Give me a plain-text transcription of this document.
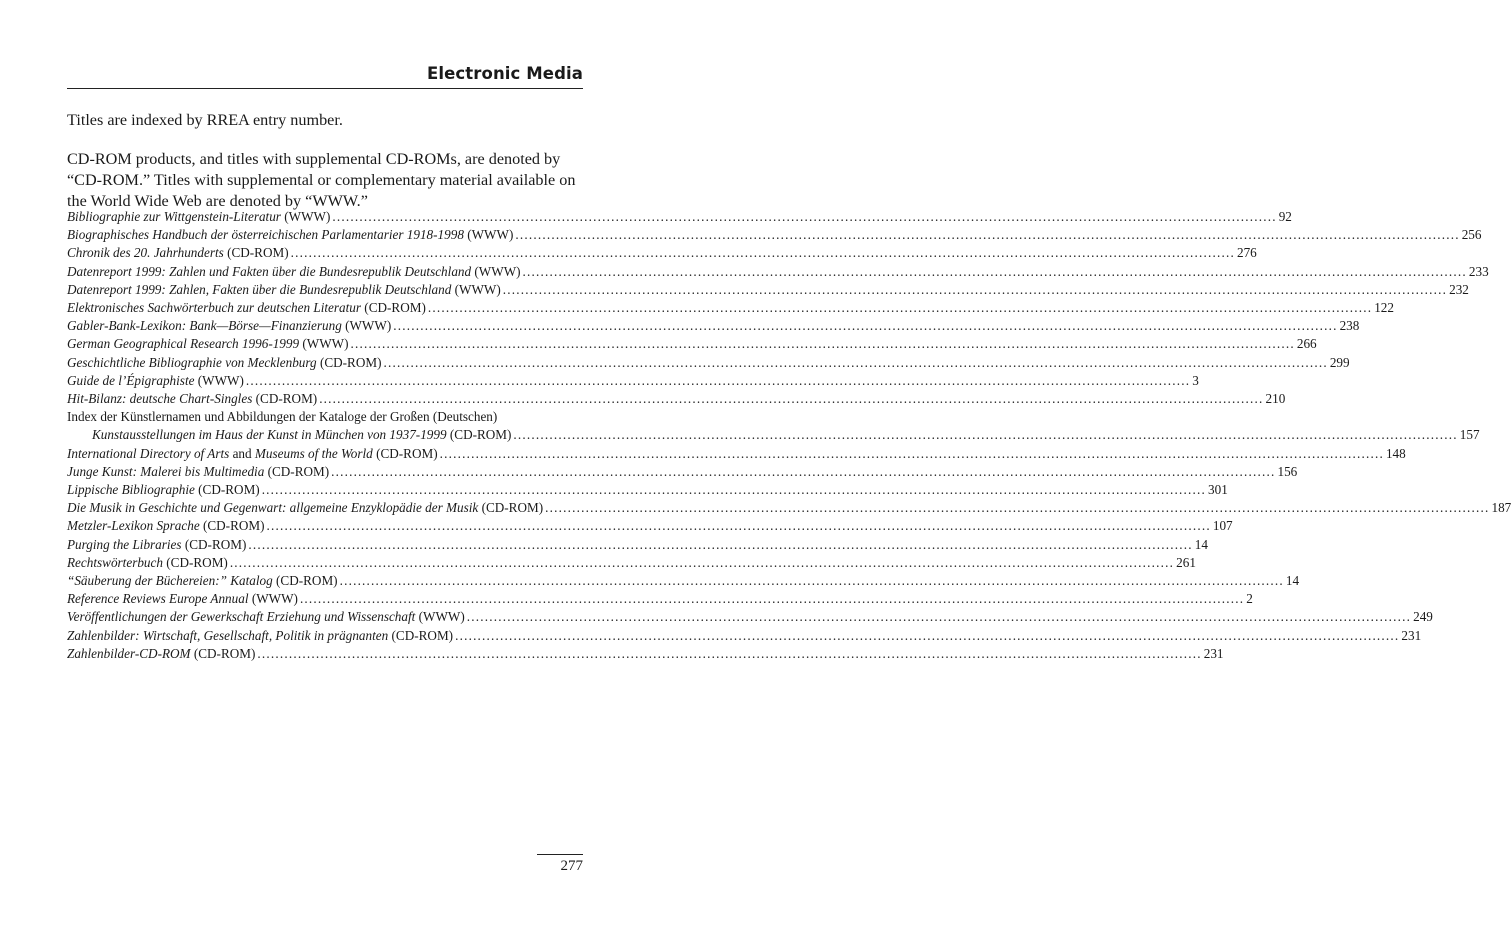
Electronic Media

Titles are indexed by RREA entry number.

CD-ROM products, and titles with supplemental CD-ROMs, are denoted by “CD-ROM.” Titles with supplemental or complementary material available on the World Wide Web are denoted by “WWW.”

Bibliographie zur Wittgenstein-Literatur (WWW) .....	92
Biographisches Handbuch der österreichischen Parlamentarier 1918-1998 (WWW) .....	256
Chronik des 20. Jahrhunderts (CD-ROM) .....	276
Datenreport 1999: Zahlen und Fakten über die Bundesrepublik Deutschland (WWW) .....	233
Datenreport 1999: Zahlen, Fakten über die Bundesrepublik Deutschland (WWW) .....	232
Elektronisches Sachwörterbuch zur deutschen Literatur (CD-ROM) .....	122
Gabler-Bank-Lexikon: Bank—Börse—Finanzierung (WWW) .....	238
German Geographical Research 1996-1999 (WWW) .....	266
Geschichtliche Bibliographie von Mecklenburg (CD-ROM) .....	299
Guide de l’Épigraphiste (WWW) .....	3
Hit-Bilanz: deutsche Chart-Singles (CD-ROM) .....	210
Index der Künstlernamen und Abbildungen der Kataloge der Großen (Deutschen)
Kunstausstellungen im Haus der Kunst in München von 1937-1999 (CD-ROM) .....	157
International Directory of Arts and Museums of the World (CD-ROM) .....	148
Junge Kunst: Malerei bis Multimedia (CD-ROM) .....	156
Lippische Bibliographie (CD-ROM) .....	301
Die Musik in Geschichte und Gegenwart: allgemeine Enzyklopädie der Musik (CD-ROM) .....	187
Metzler-Lexikon Sprache (CD-ROM) .....	107
Purging the Libraries (CD-ROM) .....	14
Rechtswörterbuch (CD-ROM) .....	261
“Säuberung der Büchereien:” Katalog (CD-ROM) .....	14
Reference Reviews Europe Annual (WWW) .....	2
Veröffentlichungen der Gewerkschaft Erziehung und Wissenschaft (WWW) .....	249
Zahlenbilder: Wirtschaft, Gesellschaft, Politik in prägnanten (CD-ROM) .....	231
Zahlenbilder-CD-ROM (CD-ROM) .....	231
277
